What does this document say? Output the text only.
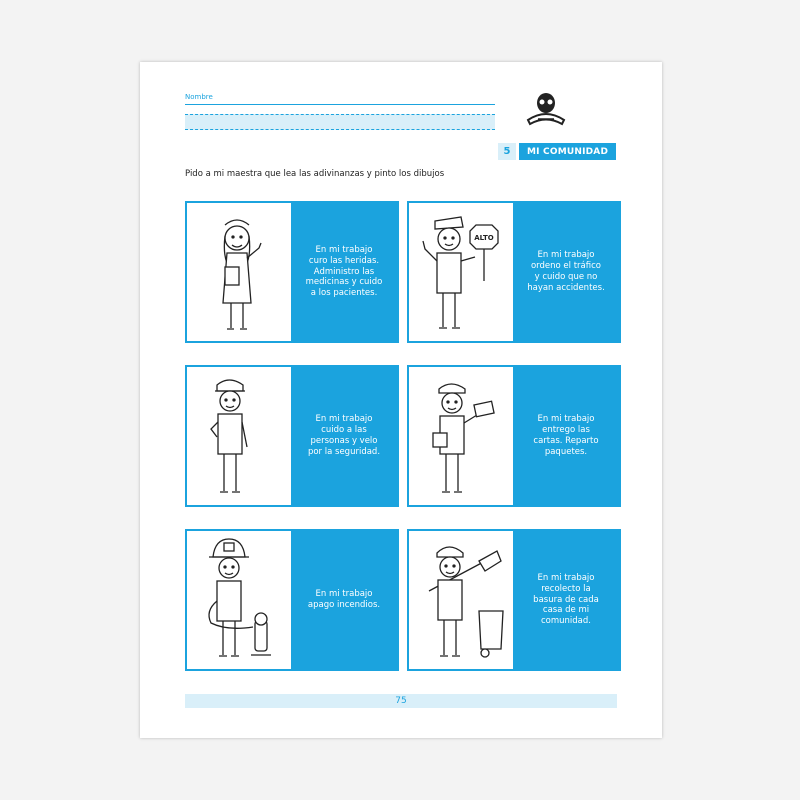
Nombre
5	MI COMUNIDAD
Pido a mi maestra que lea las adivinanzas y pinto los dibujos
En mi trabajo
curo las heridas.
Administro las
medicinas y cuido
a los pacientes.
ALTO
En mi trabajo
ordeno el tráfico
y cuido que no
hayan accidentes.
En mi trabajo
cuido a las
personas y velo
por la seguridad.
En mi trabajo
entrego las
cartas. Reparto
paquetes.
En mi trabajo
apago incendios.
En mi trabajo
recolecto la
basura de cada
casa de mi
comunidad.
75
